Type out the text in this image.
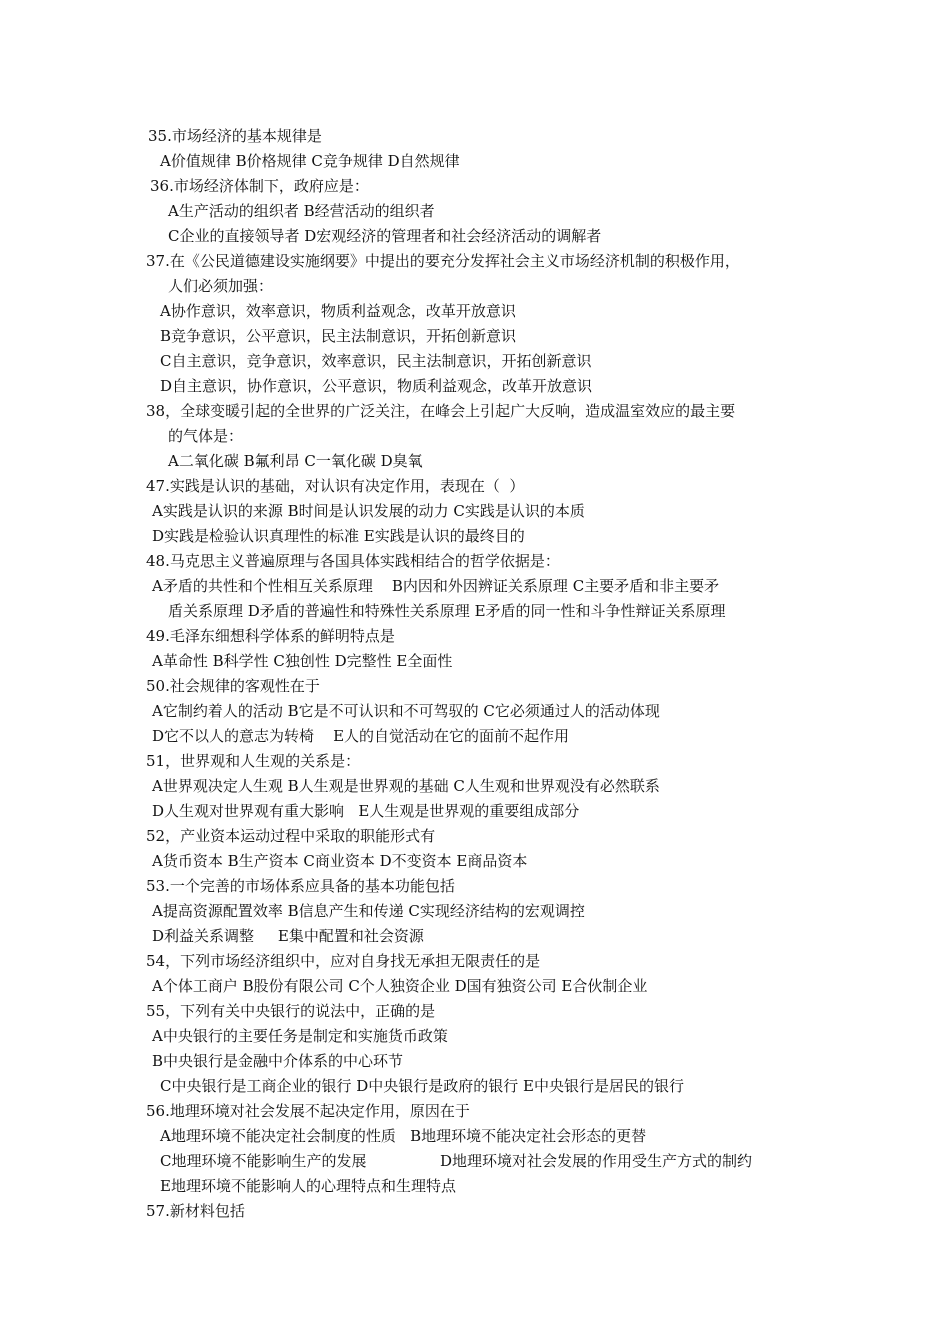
35.市场经济的基本规律是
A价值规律 B价格规律 C竞争规律 D自然规律
36.市场经济体制下，政府应是：
A生产活动的组织者 B经营活动的组织者
C企业的直接领导者 D宏观经济的管理者和社会经济活动的调解者
37.在《公民道德建设实施纲要》中提出的要充分发挥社会主义市场经济机制的积极作用，
人们必须加强：
A协作意识，效率意识，物质利益观念，改革开放意识
B竞争意识，公平意识，民主法制意识，开拓创新意识
C自主意识，竞争意识，效率意识，民主法制意识，开拓创新意识
D自主意识，协作意识，公平意识，物质利益观念，改革开放意识
38，全球变暖引起的全世界的广泛关注，在峰会上引起广大反响，造成温室效应的最主要
的气体是：
A二氧化碳 B氟利昂 C一氧化碳 D臭氧
47.实践是认识的基础，对认识有决定作用，表现在（  ）
A实践是认识的来源 B时间是认识发展的动力 C实践是认识的本质
D实践是检验认识真理性的标准 E实践是认识的最终目的
48.马克思主义普遍原理与各国具体实践相结合的哲学依据是：
A矛盾的共性和个性相互关系原理    B内因和外因辨证关系原理 C主要矛盾和非主要矛
盾关系原理 D矛盾的普遍性和特殊性关系原理 E矛盾的同一性和斗争性辩证关系原理
49.毛泽东细想科学体系的鲜明特点是
A革命性 B科学性 C独创性 D完整性 E全面性
50.社会规律的客观性在于
A它制约着人的活动 B它是不可认识和不可驾驭的 C它必须通过人的活动体现
D它不以人的意志为转椅    E人的自觉活动在它的面前不起作用
51，世界观和人生观的关系是：
A世界观决定人生观 B人生观是世界观的基础 C人生观和世界观没有必然联系
D人生观对世界观有重大影响   E人生观是世界观的重要组成部分
52，产业资本运动过程中采取的职能形式有
A货币资本 B生产资本 C商业资本 D不变资本 E商品资本
53.一个完善的市场体系应具备的基本功能包括
A提高资源配置效率 B信息产生和传递 C实现经济结构的宏观调控
D利益关系调整     E集中配置和社会资源
54，下列市场经济组织中，应对自身找无承担无限责任的是
A个体工商户 B股份有限公司 C个人独资企业 D国有独资公司 E合伙制企业
55，下列有关中央银行的说法中，正确的是
A中央银行的主要任务是制定和实施货币政策
B中央银行是金融中介体系的中心环节
C中央银行是工商企业的银行 D中央银行是政府的银行 E中央银行是居民的银行
56.地理环境对社会发展不起决定作用，原因在于
A地理环境不能决定社会制度的性质   B地理环境不能决定社会形态的更替
C地理环境不能影响生产的发展	D地理环境对社会发展的作用受生产方式的制约
E地理环境不能影响人的心理特点和生理特点
57.新材料包括
